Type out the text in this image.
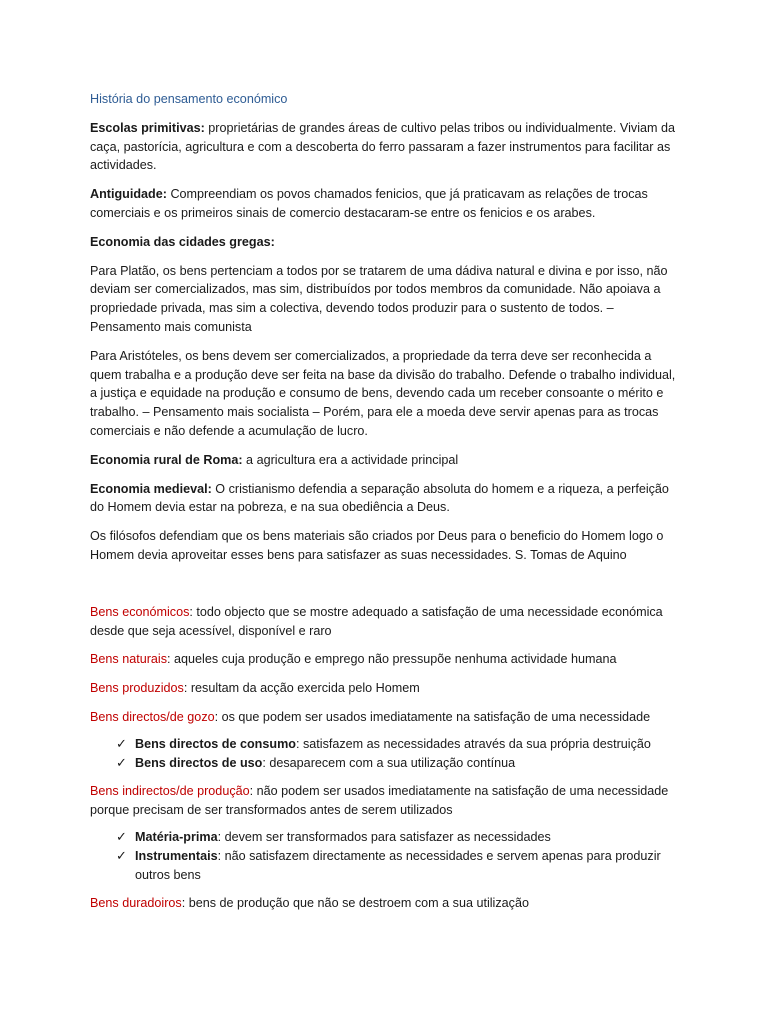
História do pensamento económico

Escolas primitivas: proprietárias de grandes áreas de cultivo pelas tribos ou individualmente. Viviam da caça, pastorícia, agricultura e com a descoberta do ferro passaram a fazer instrumentos para facilitar as actividades.

Antiguidade: Compreendiam os povos chamados fenicios, que já praticavam as relações de trocas comerciais e os primeiros sinais de comercio destacaram-se entre os fenicios e os arabes.

Economia das cidades gregas:

Para Platão, os bens pertenciam a todos por se tratarem de uma dádiva natural e divina e por isso, não deviam ser comercializados, mas sim, distribuídos por todos membros da comunidade. Não apoiava a propriedade privada, mas sim a colectiva, devendo todos produzir para o sustento de todos. – Pensamento mais comunista

Para Aristóteles, os bens devem ser comercializados, a propriedade da terra deve ser reconhecida a quem trabalha e a produção deve ser feita na base da divisão do trabalho. Defende o trabalho individual, a justiça e equidade na produção e consumo de bens, devendo cada um receber consoante o mérito e trabalho. – Pensamento mais socialista – Porém, para ele a moeda deve servir apenas para as trocas comerciais e não defende a acumulação de lucro.

Economia rural de Roma: a agricultura era a actividade principal

Economia medieval: O cristianismo defendia a separação absoluta do homem e a riqueza, a perfeição do Homem devia estar na pobreza, e na sua obediência a Deus.

Os filósofos defendiam que os bens materiais são criados por Deus para o beneficio do Homem logo o Homem devia aproveitar esses bens para satisfazer as suas necessidades. S. Tomas de Aquino

Bens económicos: todo objecto que se mostre adequado a satisfação de uma necessidade económica desde que seja acessível, disponível e raro

Bens naturais: aqueles cuja produção e emprego não pressupõe nenhuma actividade humana

Bens produzidos: resultam da acção exercida pelo Homem

Bens directos/de gozo: os que podem ser usados imediatamente na satisfação de uma necessidade

✓ Bens directos de consumo: satisfazem as necessidades através da sua própria destruição
✓ Bens directos de uso: desaparecem com a sua utilização contínua

Bens indirectos/de produção: não podem ser usados imediatamente na satisfação de uma necessidade porque precisam de ser transformados antes de serem utilizados

✓ Matéria-prima: devem ser transformados para satisfazer as necessidades
✓ Instrumentais: não satisfazem directamente as necessidades e servem apenas para produzir outros bens

Bens duradoiros: bens de produção que não se destroem com a sua utilização
